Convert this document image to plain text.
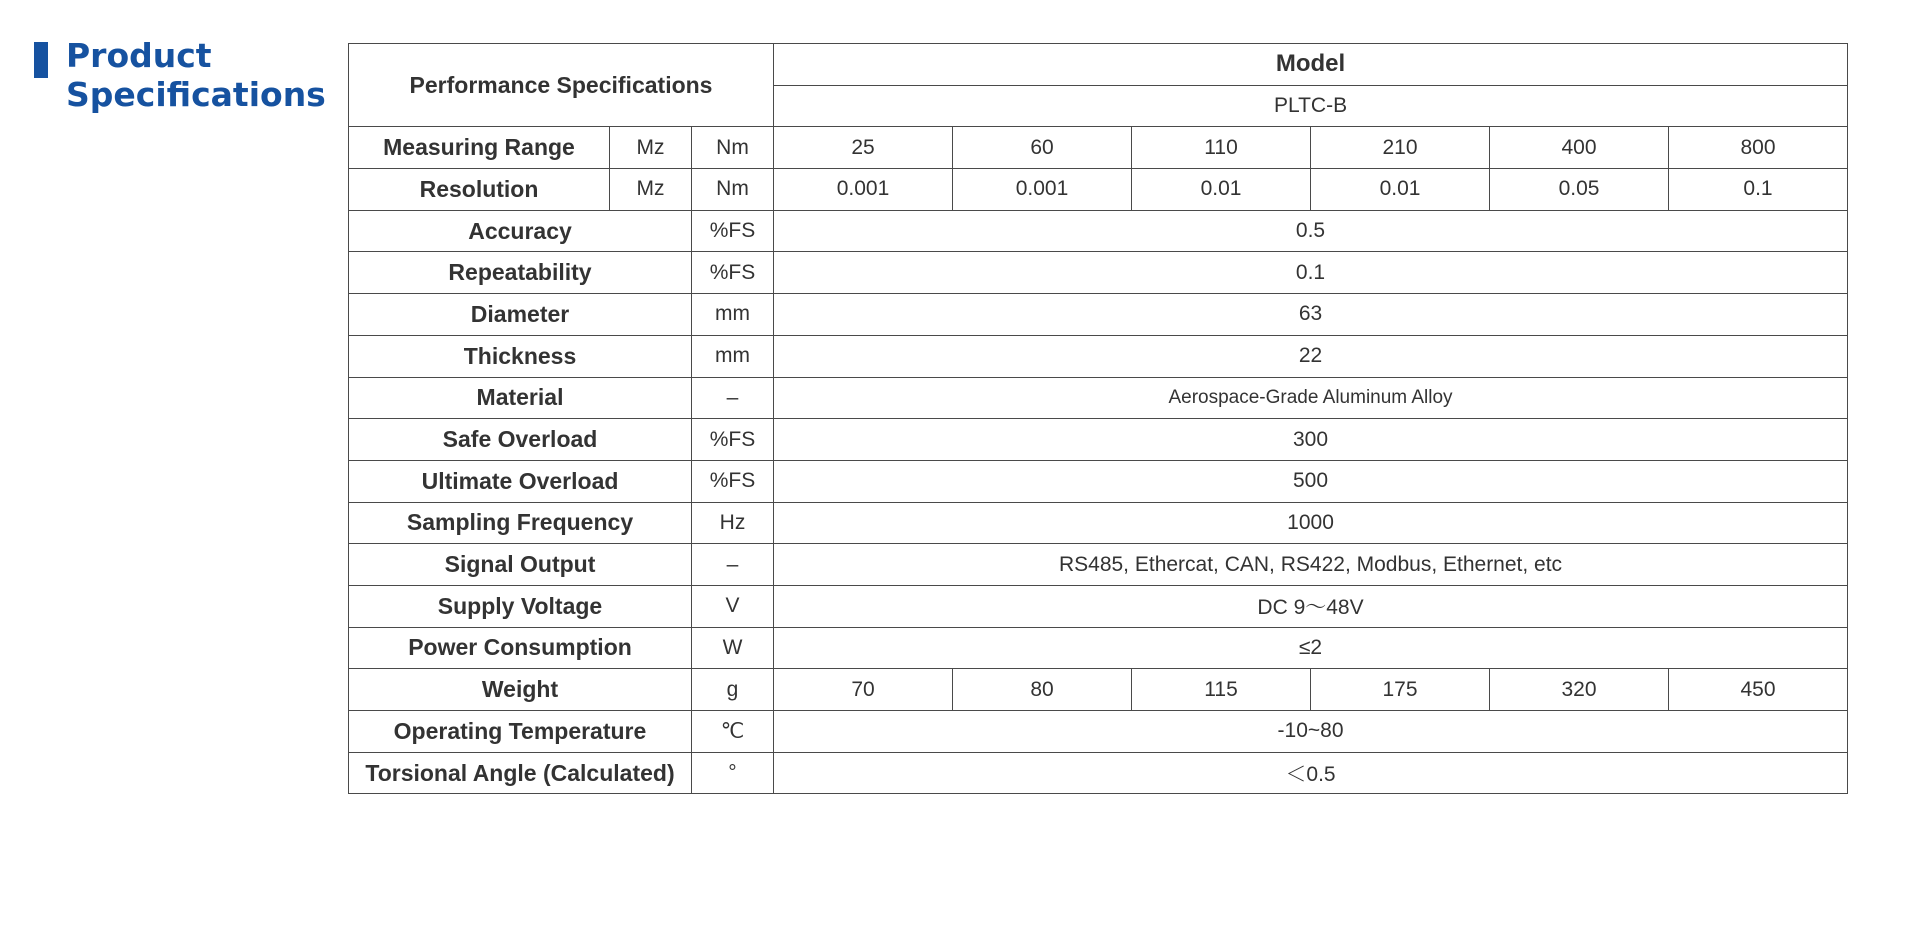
Product
Specifications	Performance Specifications			Model					
			PLTC-B					
Measuring Range	Mz	Nm	25	60	110	210	400	800
Resolution	Mz	Nm	0.001	0.001	0.01	0.01	0.05	0.1
Accuracy		%FS	0.5					
Repeatability		%FS	0.1					
Diameter		mm	63					
Thickness		mm	22					
Material		–	Aerospace-Grade Aluminum Alloy					
Safe Overload		%FS	300					
Ultimate Overload		%FS	500					
Sampling Frequency		Hz	1000					
Signal Output		–	RS485, Ethercat, CAN, RS422, Modbus, Ethernet, etc					
Supply Voltage		V	DC 9～48V					
Power Consumption		W	≤2					
Weight		g	70	80	115	175	320	450
Operating Temperature		℃	-10~80					
Torsional Angle (Calculated)		°	＜0.5					
